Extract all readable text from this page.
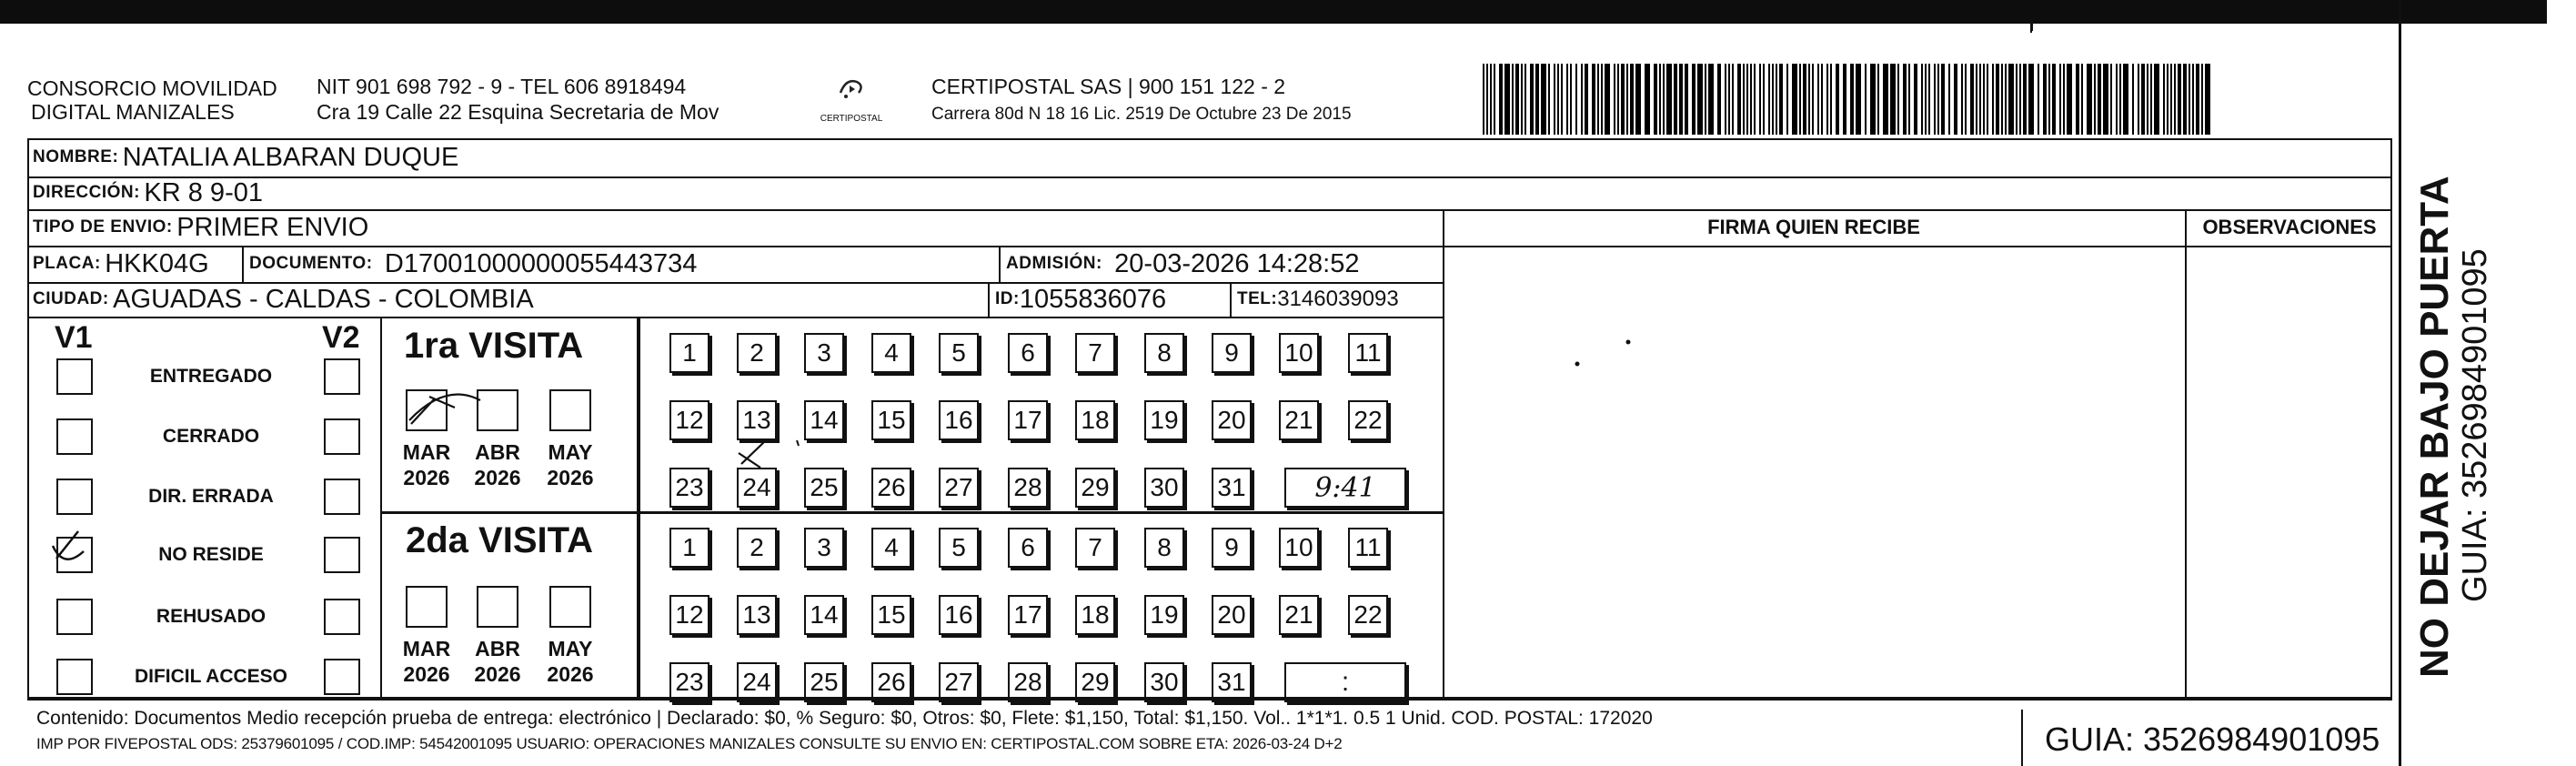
CONSORCIO MOVILIDAD
DIGITAL MANIZALES
NIT 901 698 792 - 9 - TEL 606 8918494
Cra 19 Calle 22 Esquina Secretaria de Mov	CERTIPOSTAL
CERTIPOSTAL SAS | 900 151 122 - 2
Carrera 80d N 18 16 Lic. 2519 De Octubre 23 De 2015
NOMBRE:
NATALIA ALBARAN DUQUE
DIRECCIÓN:
KR 8 9-01
TIPO DE ENVIO:
PRIMER ENVIO	FIRMA QUIEN RECIBE	OBSERVACIONES
PLACA:
HKK04G DOCUMENTO:
D17001000000055443734	ADMISIÓN:
20-03-2026 14:28:52
CIUDAD:
AGUADAS - CALDAS - COLOMBIA	ID: 1055836076	TEL: 3146039093
V1	V2
ENTREGADO
CERRADO
DIR. ERRADA
NO RESIDE
REHUSADO
DIFICIL ACCESO
1ra VISITA
2da VISITA
MAR
2026
ABR
2026
MAY
2026
1	2	3	4	5	6	7	8	9	10 11
12 13 14 15 16 17 18 19 20 21 22
23 24 25 26 27 28 29 30 31	9:41
MAR
2026
ABR
2026
MAY
2026
1	2	3	4	5	6	7	8	9	10 11
12 13 14 15 16 17 18 19 20 21 22
23 24 25 26 27 28 29 30 31	:
Contenido: Documentos Medio recepción prueba de entrega: electrónico | Declarado: $0, % Seguro: $0, Otros: $0, Flete: $1,150, Total: $1,150. Vol.. 1*1*1. 0.5 1 Unid. COD. POSTAL: 172020
IMP POR FIVEPOSTAL ODS: 25379601095 / COD.IMP: 54542001095 USUARIO: OPERACIONES MANIZALES CONSULTE SU ENVIO EN: CERTIPOSTAL.COM SOBRE ETA: 2026-03-24 D+2	GUIA: 3526984901095
NO DEJAR BAJO PUERTA GUIA: 3526984901095
